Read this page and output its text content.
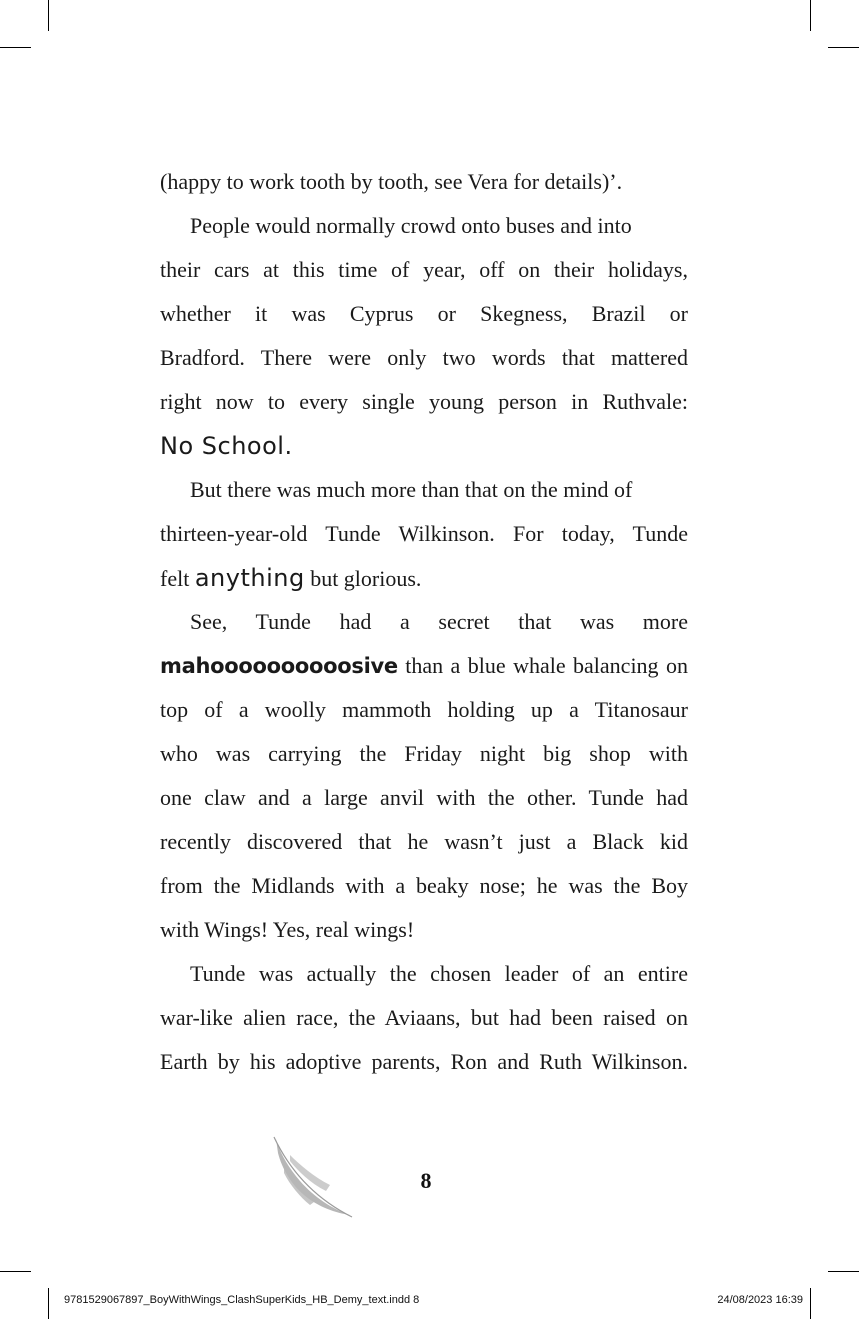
(happy to work tooth by tooth, see Vera for details)’.
People would normally crowd onto buses and into
their cars at this time of year, off on their holidays,
whether it was Cyprus or Skegness, Brazil or
Bradford. There were only two words that mattered
right now to every single young person in Ruthvale:
No School.
But there was much more than that on the mind of
thirteen-year-old Tunde Wilkinson. For today, Tunde
felt anything but glorious.
See, Tunde had a secret that was more
mahoooooooooosive than a blue whale balancing on
top of a woolly mammoth holding up a Titanosaur
who was carrying the Friday night big shop with
one claw and a large anvil with the other. Tunde had
recently discovered that he wasn’t just a Black kid
from the Midlands with a beaky nose; he was the Boy
with Wings! Yes, real wings!
Tunde was actually the chosen leader of an entire
war-like alien race, the Aviaans, but had been raised on
Earth by his adoptive parents, Ron and Ruth Wilkinson.
8
9781529067897_BoyWithWings_ClashSuperKids_HB_Demy_text.indd 8	24/08/2023 16:39
